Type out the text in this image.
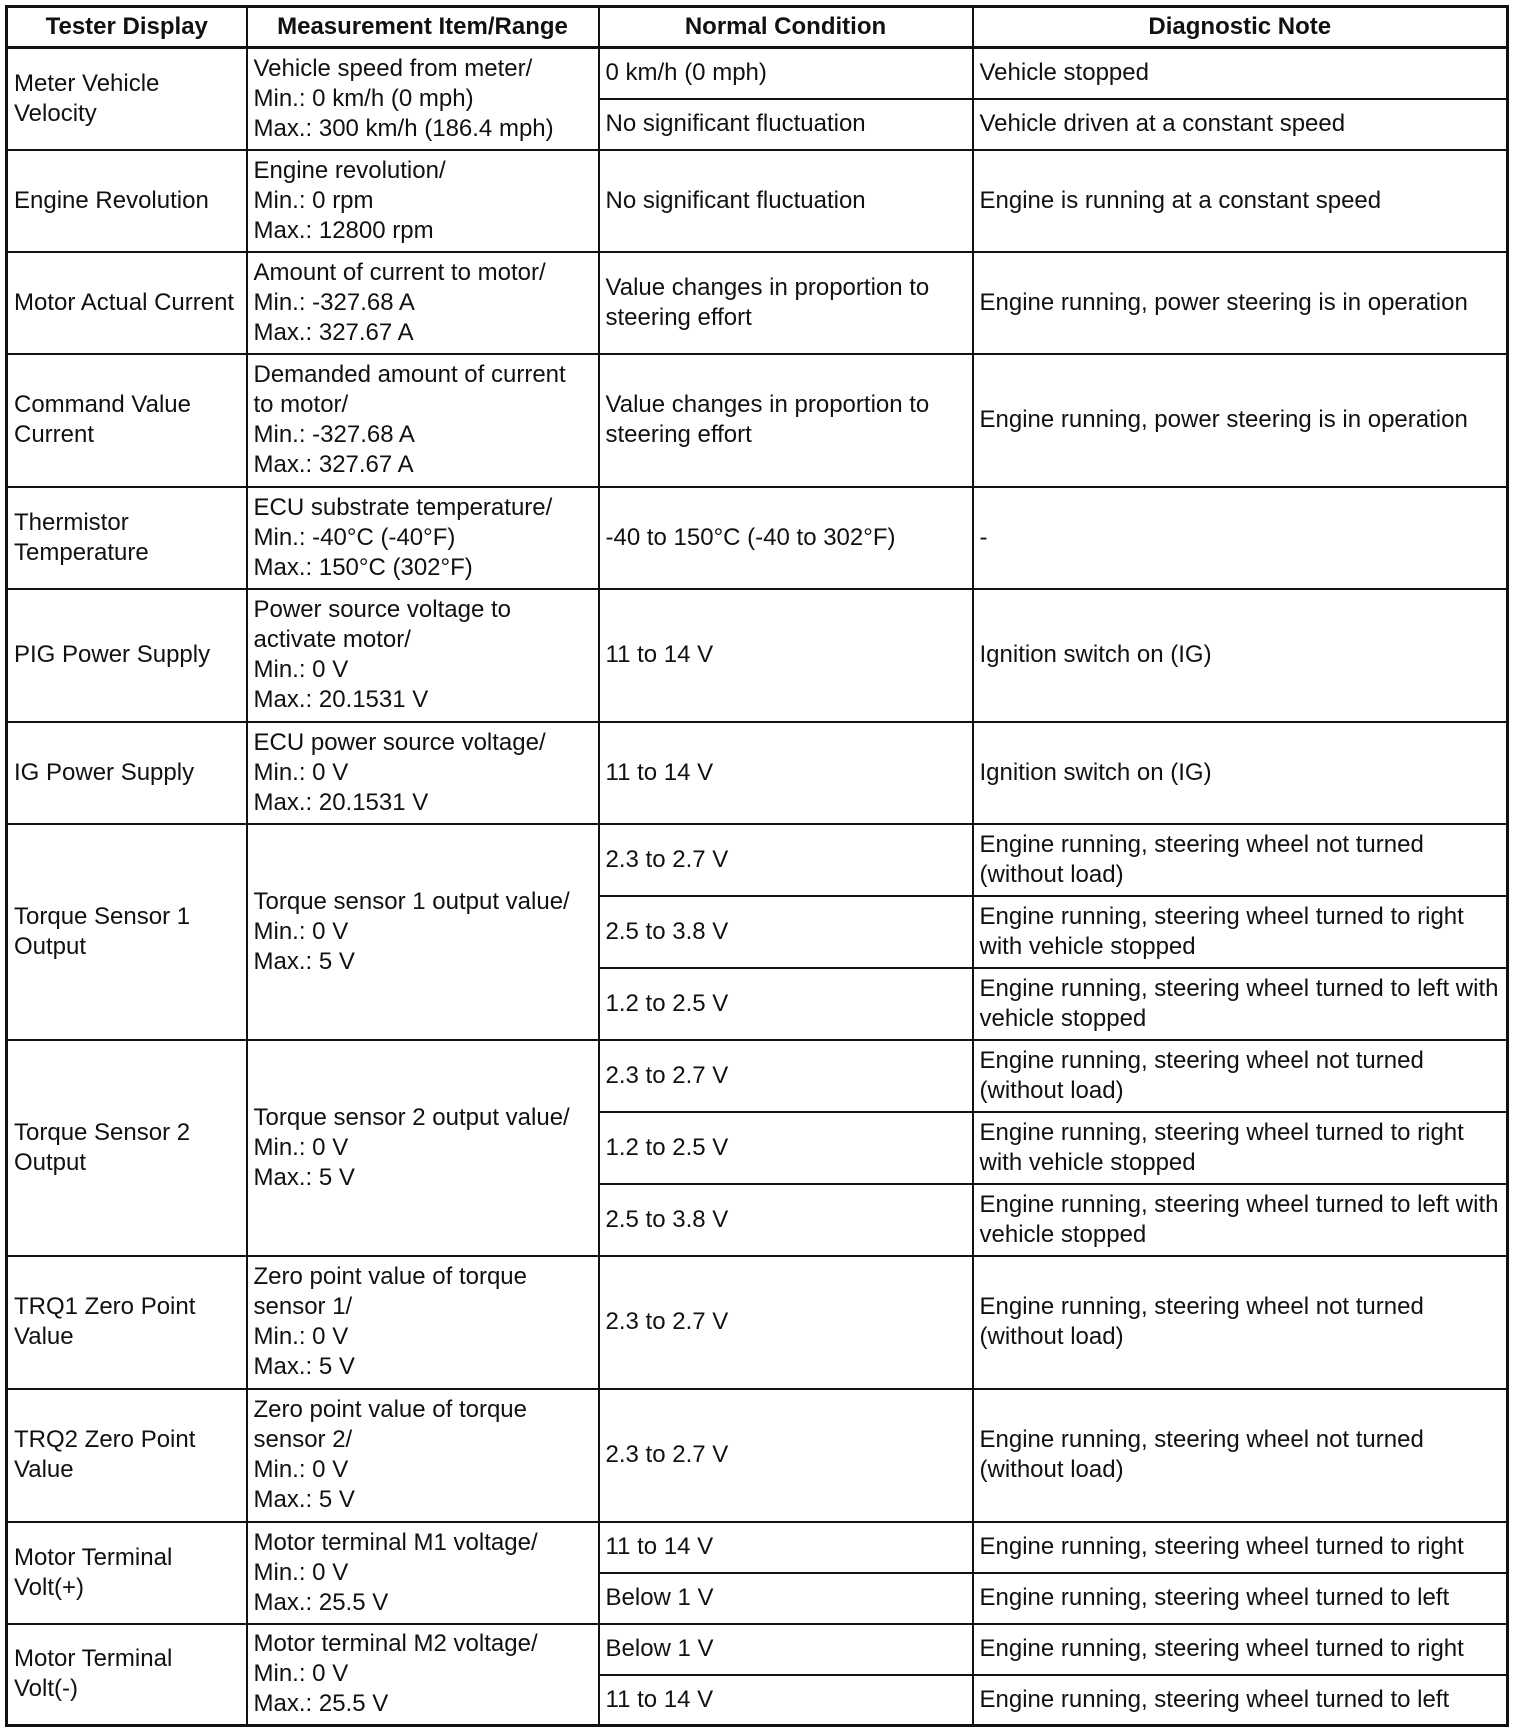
Tester Display	Measurement Item/Range	Normal Condition	Diagnostic Note
Meter Vehicle Velocity	Vehicle speed from meter/
Min.: 0 km/h (0 mph)
Max.: 300 km/h (186.4 mph)	0 km/h (0 mph)	Vehicle stopped
		No significant fluctuation	Vehicle driven at a constant speed
Engine Revolution	Engine revolution/
Min.: 0 rpm
Max.: 12800 rpm	No significant fluctuation	Engine is running at a constant speed
Motor Actual Current	Amount of current to motor/
Min.: -327.68 A
Max.: 327.67 A	Value changes in proportion to steering effort	Engine running, power steering is in operation
Command Value Current	Demanded amount of current
to motor/
Min.: -327.68 A
Max.: 327.67 A	Value changes in proportion to steering effort	Engine running, power steering is in operation
Thermistor Temperature	ECU substrate temperature/
Min.: -40°C (-40°F)
Max.: 150°C (302°F)	-40 to 150°C (-40 to 302°F)	-
PIG Power Supply	Power source voltage to
activate motor/
Min.: 0 V
Max.: 20.1531 V	11 to 14 V	Ignition switch on (IG)
IG Power Supply	ECU power source voltage/
Min.: 0 V
Max.: 20.1531 V	11 to 14 V	Ignition switch on (IG)
Torque Sensor 1 Output	Torque sensor 1 output value/
Min.: 0 V
Max.: 5 V	2.3 to 2.7 V	Engine running, steering wheel not turned (without load)
		2.5 to 3.8 V	Engine running, steering wheel turned to right with vehicle stopped
		1.2 to 2.5 V	Engine running, steering wheel turned to left with vehicle stopped
Torque Sensor 2 Output	Torque sensor 2 output value/
Min.: 0 V
Max.: 5 V	2.3 to 2.7 V	Engine running, steering wheel not turned (without load)
		1.2 to 2.5 V	Engine running, steering wheel turned to right with vehicle stopped
		2.5 to 3.8 V	Engine running, steering wheel turned to left with vehicle stopped
TRQ1 Zero Point Value	Zero point value of torque
sensor 1/
Min.: 0 V
Max.: 5 V	2.3 to 2.7 V	Engine running, steering wheel not turned (without load)
TRQ2 Zero Point Value	Zero point value of torque
sensor 2/
Min.: 0 V
Max.: 5 V	2.3 to 2.7 V	Engine running, steering wheel not turned (without load)
Motor Terminal Volt(+)	Motor terminal M1 voltage/
Min.: 0 V
Max.: 25.5 V	11 to 14 V	Engine running, steering wheel turned to right
		Below 1 V	Engine running, steering wheel turned to left
Motor Terminal Volt(-)	Motor terminal M2 voltage/
Min.: 0 V
Max.: 25.5 V	Below 1 V	Engine running, steering wheel turned to right
		11 to 14 V	Engine running, steering wheel turned to left
